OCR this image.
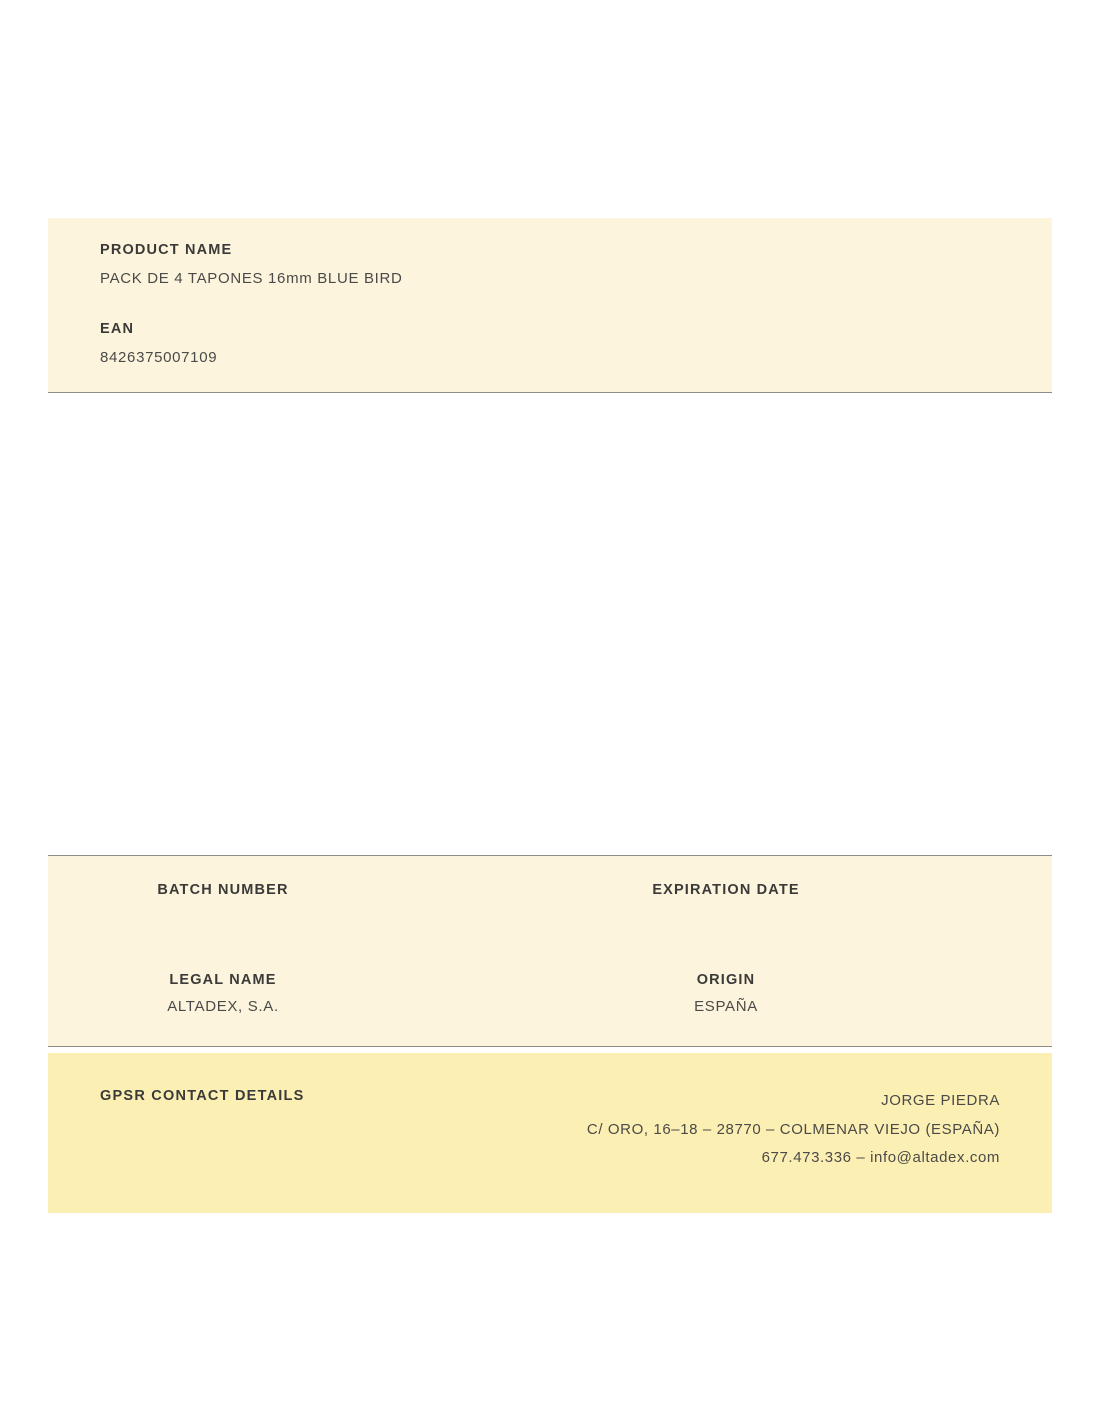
PRODUCT NAME
PACK DE 4 TAPONES 16mm BLUE BIRD
EAN
8426375007109
BATCH NUMBER	EXPIRATION DATE
LEGAL NAME
ALTADEX, S.A.
ORIGIN
ESPAÑA
GPSR CONTACT DETAILS	JORGE PIEDRA
C/ ORO, 16–18 – 28770 – COLMENAR VIEJO (ESPAÑA)
677.473.336 – info@altadex.com
